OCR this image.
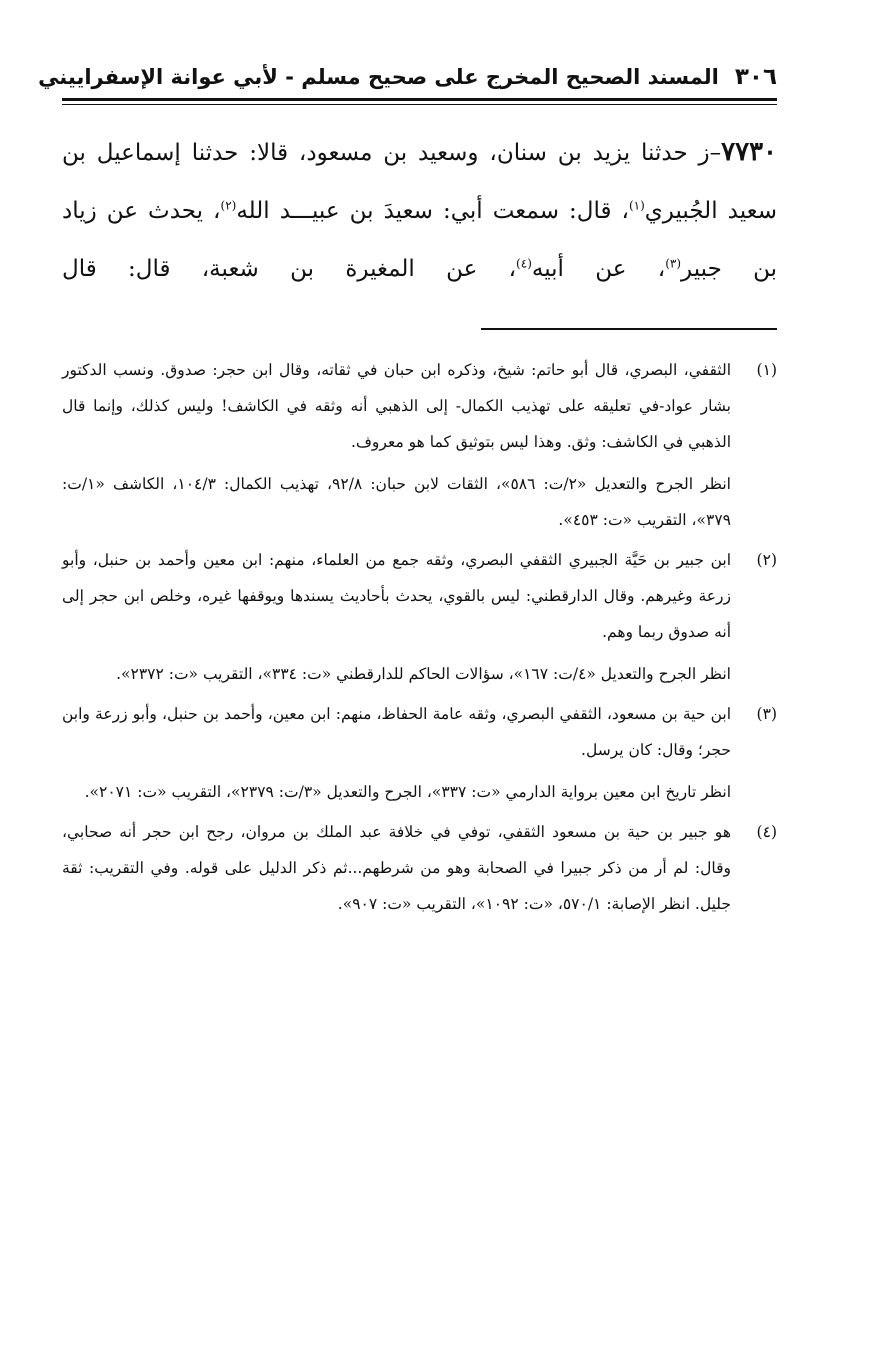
٣٠٦
المسند الصحيح المخرج على صحيح مسلم - لأبي عوانة الإسفراييني
٧٧٣٠–ز حدثنا يزيد بن سنان، وسعيد بن مسعود، قالا: حدثنا إسماعيل بن سعيد الجُبيري$^{(١)}$، قال: سمعت أبي: سعيدَ بن عبيـــد الله$^{(٢)}$، يحدث عن زياد بن جبير$^{(٣)}$، عن أبيه$^{(٤)}$، عن المغيرة بن شعبة، قال: قال
(١)

الثقفي، البصري، قال أبو حاتم: شيخ، وذكره ابن حبان في ثقاته، وقال ابن حجر: صدوق. ونسب الدكتور بشار عواد-في تعليقه على تهذيب الكمال- إلى الذهبي أنه وثقه في الكاشف! وليس كذلك، وإنما قال الذهبي في الكاشف: وثق. وهذا ليس بتوثيق كما هو معروف.

انظر الجرح والتعديل «٢/ت: ٥٨٦»، الثقات لابن حبان: ٩٢/٨، تهذيب الكمال: ١٠٤/٣، الكاشف «١/ت: ٣٧٩»، التقريب «ت: ٤٥٣».

(٢)

ابن جبير بن حَيَّة الجبيري الثقفي البصري، وثقه جمع من العلماء، منهم: ابن معين وأحمد بن حنبل، وأبو زرعة وغيرهم. وقال الدارقطني: ليس بالقوي، يحدث بأحاديث يسندها ويوقفها غيره، وخلص ابن حجر إلى أنه صدوق ربما وهم.

انظر الجرح والتعديل «٤/ت: ١٦٧»، سؤالات الحاكم للدارقطني «ت: ٣٣٤»، التقريب «ت: ٢٣٧٢».

(٣)

ابن حية بن مسعود، الثقفي البصري، وثقه عامة الحفاظ، منهم: ابن معين، وأحمد بن حنبل، وأبو زرعة وابن حجر؛ وقال: كان يرسل.

انظر تاريخ ابن معين برواية الدارمي «ت: ٣٣٧»، الجرح والتعديل «٣/ت: ٢٣٧٩»، التقريب «ت: ٢٠٧١».

(٤)

هو جبير بن حية بن مسعود الثقفي، توفي في خلافة عبد الملك بن مروان، رجح ابن حجر أنه صحابي، وقال: لم أر من ذكر جبيرا في الصحابة وهو من شرطهم...ثم ذكر الدليل على قوله. وفي التقريب: ثقة جليل. انظر الإصابة: ٥٧٠/١، «ت: ١٠٩٢»، التقريب «ت: ٩٠٧».
